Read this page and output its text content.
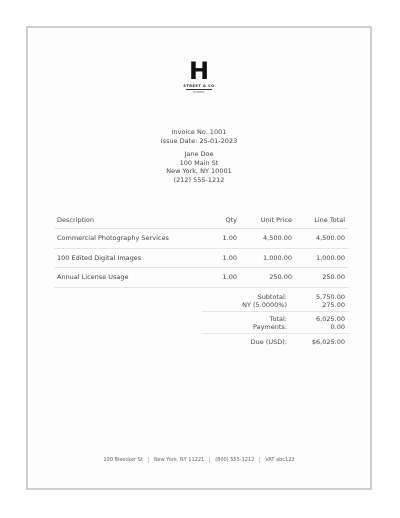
H
STREET & CO
STUDIO
Invoice No. 1001
Issue Date: 25-01-2023
Jane Doe
100 Main St
New York, NY 10001
(212) 555-1212
Description	Qty	Unit Price	Line Total
Commercial Photography Services	1.00	4,500.00	4,500.00
100 Edited Digital Images	1.00	1,000.00	1,000.00
Annual License Usage	1.00	250.00	250.00
Subtotal:	5,750.00
NY (5.0000%)	275.00
Total:	6,025.00
Payments:	0.00
Due (USD):	$6,025.00
100 Bleecker St New York, NY 11221 (800) 555-1212 VAT abc123
